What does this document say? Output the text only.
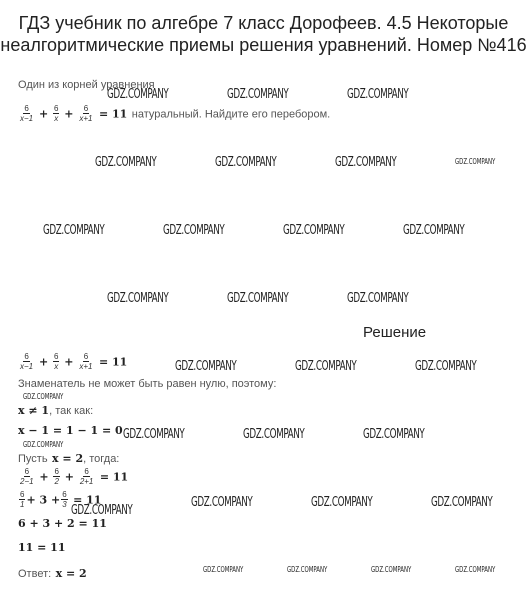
ГДЗ учебник по алгебре 7 класс Дорофеев. 4.5 Некоторые неалгоритмические приемы решения уравнений. Номер №416
Один из корней уравнения
$\frac{6}{x-1} + \frac{6}{x} + \frac{6}{x+1} = 11$ натуральный. Найдите его перебором.
Решение
$\frac{6}{x-1} + \frac{6}{x} + \frac{6}{x+1} = 11$
Знаменатель не может быть равен нулю, поэтому:
x ≠ 1, так как:
x − 1 = 1 − 1 = 0
Пусть x = 2, тогда:
$\frac{6}{2-1} + \frac{6}{2} + \frac{6}{2+1} = 11$
$\frac{6}{1} + 3 + \frac{6}{3} = 11$
6 + 3 + 2 = 11
11 = 11
Ответ: x = 2
GDZ.COMPANY	GDZ.COMPANY	GDZ.COMPANY
GDZ.COMPANY	GDZ.COMPANY	GDZ.COMPANY	GDZ.COMPANY
GDZ.COMPANY	GDZ.COMPANY	GDZ.COMPANY	GDZ.COMPANY
GDZ.COMPANY	GDZ.COMPANY	GDZ.COMPANY
GDZ.COMPANY	GDZ.COMPANY	GDZ.COMPANY
GDZ.COMPANY
GDZ.COMPANY	GDZ.COMPANY	GDZ.COMPANY
GDZ.COMPANY
GDZ.COMPANY	GDZ.COMPANY	GDZ.COMPANY
GDZ.COMPANY
GDZ.COMPANY	GDZ.COMPANY	GDZ.COMPANY	GDZ.COMPANY
